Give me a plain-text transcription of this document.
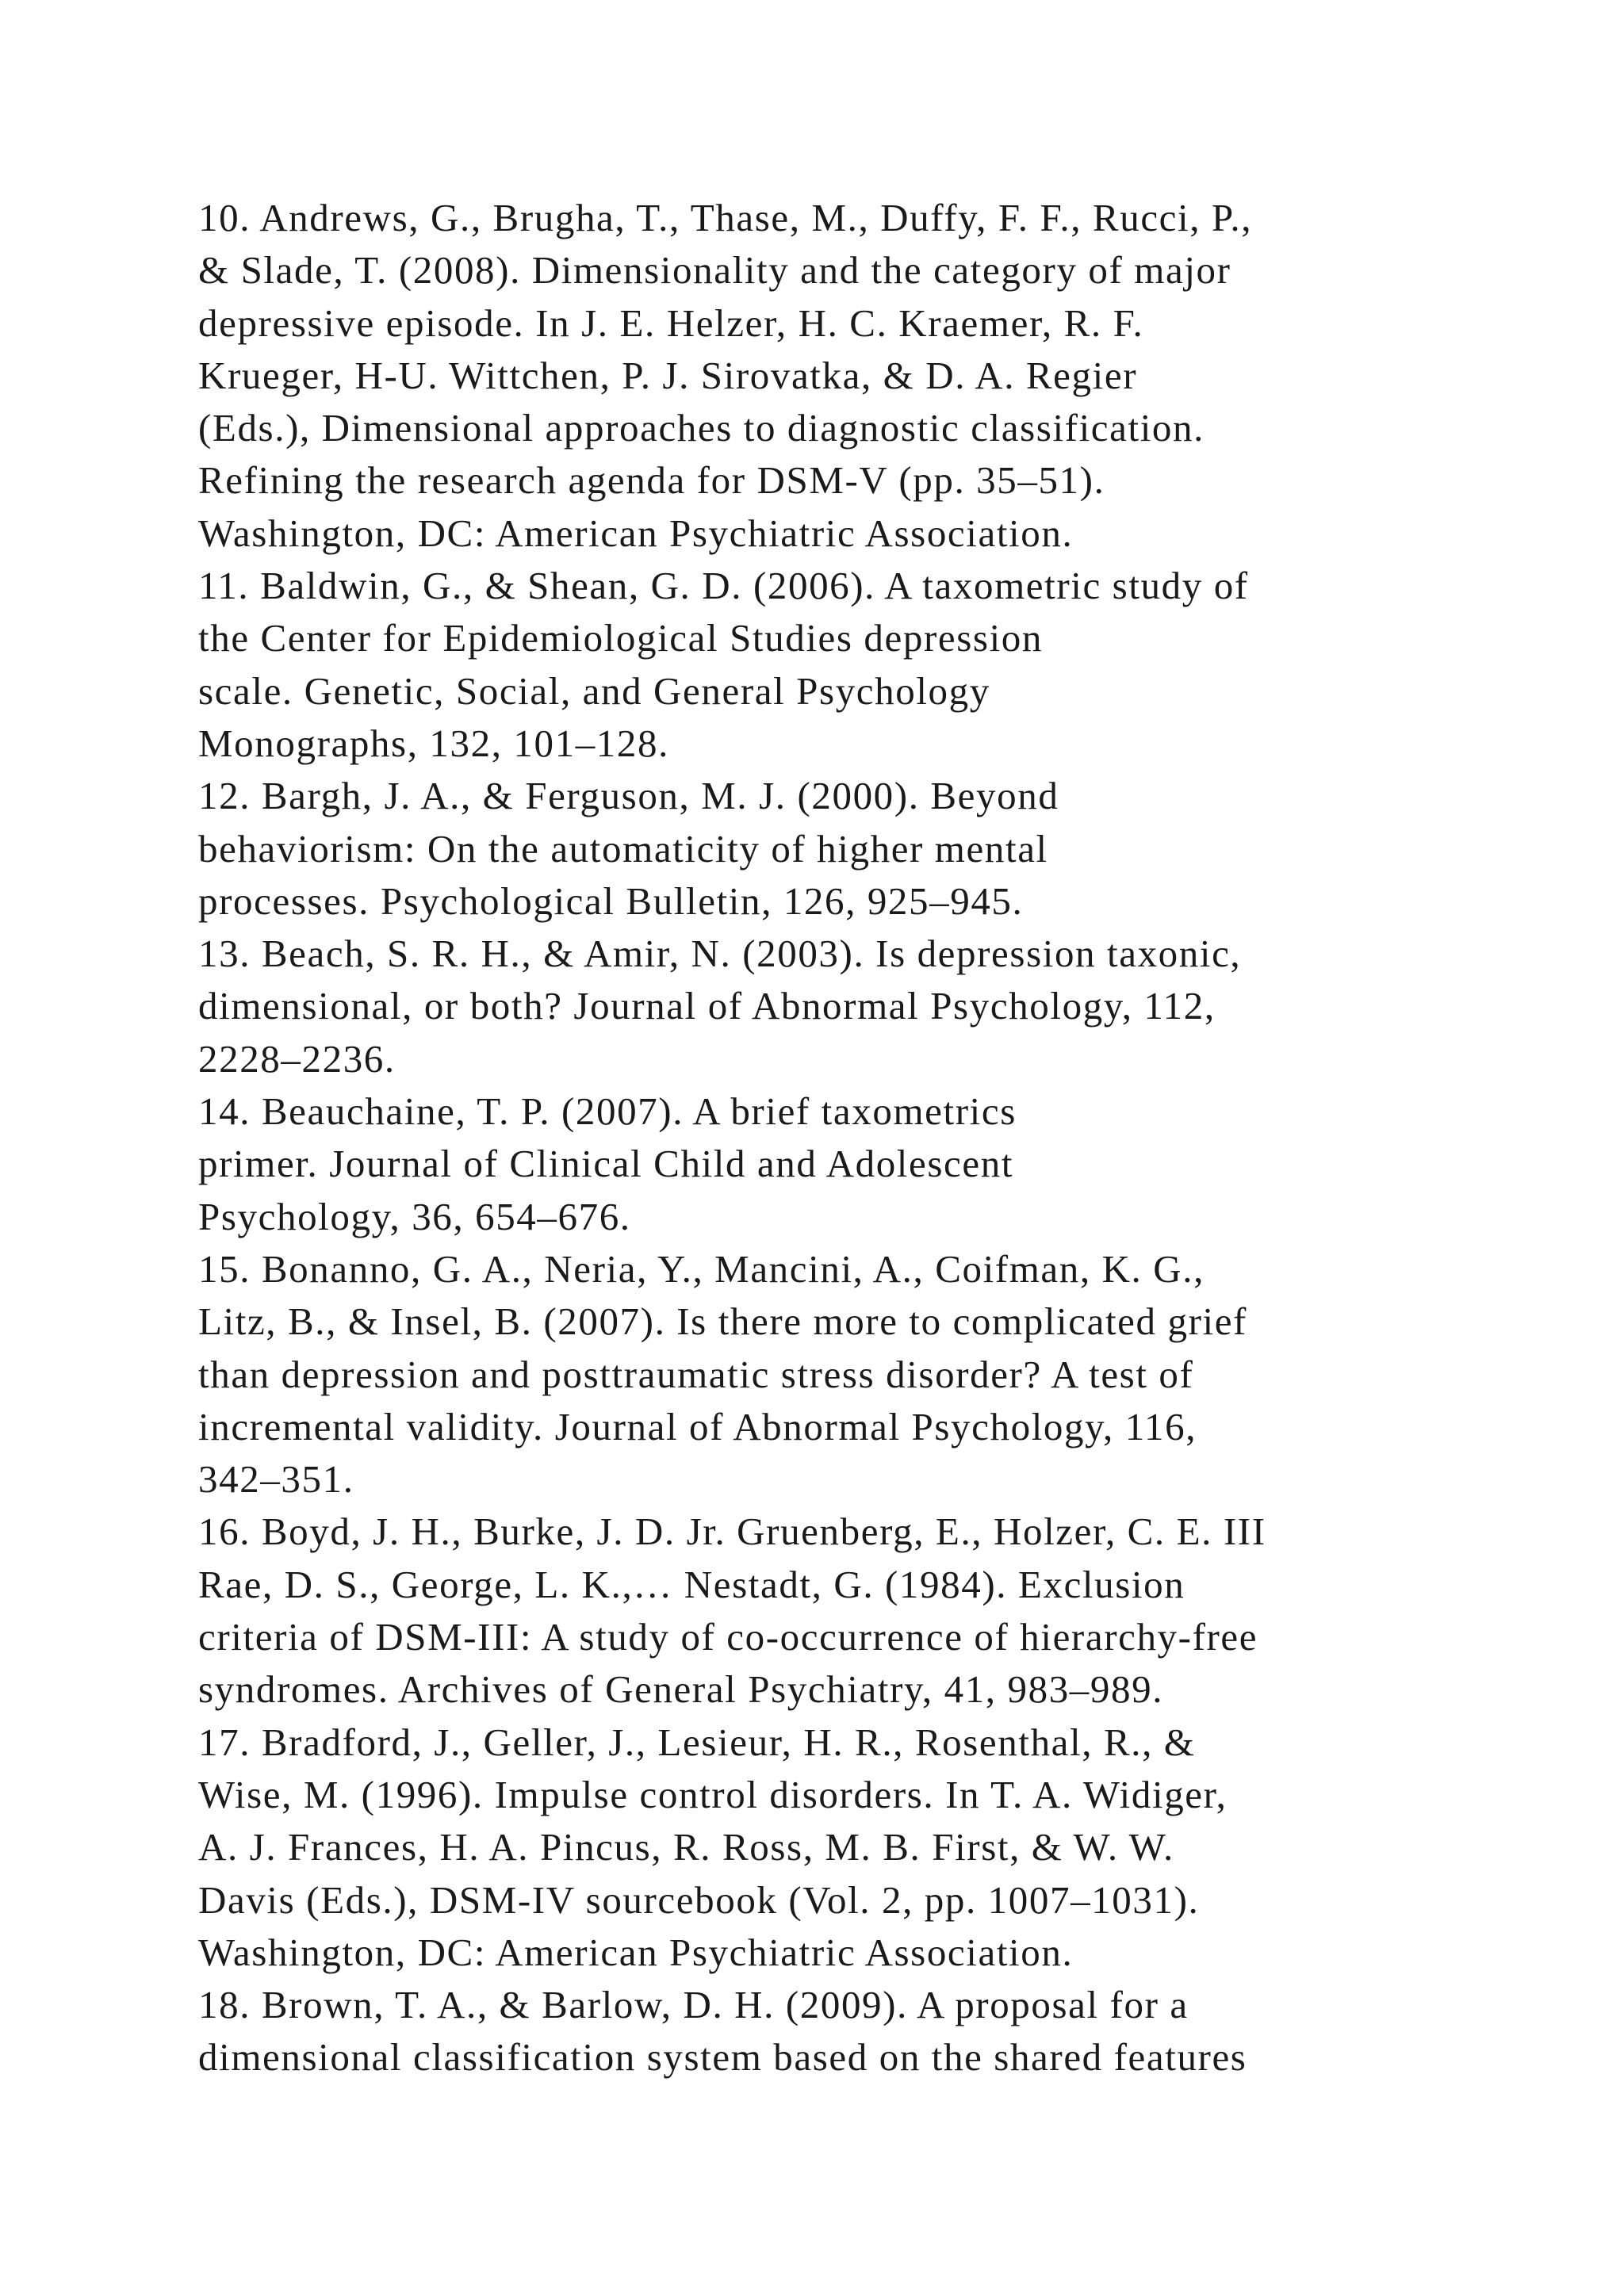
10. Andrews, G., Brugha, T., Thase, M., Duffy, F. F., Rucci, P.,
& Slade, T. (2008). Dimensionality and the category of major
depressive episode. In J. E. Helzer, H. C. Kraemer, R. F.
Krueger, H-U. Wittchen, P. J. Sirovatka, & D. A. Regier
(Eds.), Dimensional approaches to diagnostic classification.
Refining the research agenda for DSM-V (pp. 35–51).
Washington, DC: American Psychiatric Association.
11. Baldwin, G., & Shean, G. D. (2006). A taxometric study of
the Center for Epidemiological Studies depression
scale. Genetic, Social, and General Psychology
Monographs, 132, 101–128.
12. Bargh, J. A., & Ferguson, M. J. (2000). Beyond
behaviorism: On the automaticity of higher mental
processes. Psychological Bulletin, 126, 925–945.
13. Beach, S. R. H., & Amir, N. (2003). Is depression taxonic,
dimensional, or both? Journal of Abnormal Psychology, 112,
2228–2236.
14. Beauchaine, T. P. (2007). A brief taxometrics
primer. Journal of Clinical Child and Adolescent
Psychology, 36, 654–676.
15. Bonanno, G. A., Neria, Y., Mancini, A., Coifman, K. G.,
Litz, B., & Insel, B. (2007). Is there more to complicated grief
than depression and posttraumatic stress disorder? A test of
incremental validity. Journal of Abnormal Psychology, 116,
342–351.
16. Boyd, J. H., Burke, J. D. Jr. Gruenberg, E., Holzer, C. E. III
Rae, D. S., George, L. K.,… Nestadt, G. (1984). Exclusion
criteria of DSM-III: A study of co-occurrence of hierarchy-free
syndromes. Archives of General Psychiatry, 41, 983–989.
17. Bradford, J., Geller, J., Lesieur, H. R., Rosenthal, R., &
Wise, M. (1996). Impulse control disorders. In T. A. Widiger,
A. J. Frances, H. A. Pincus, R. Ross, M. B. First, & W. W.
Davis (Eds.), DSM-IV sourcebook (Vol. 2, pp. 1007–1031).
Washington, DC: American Psychiatric Association.
18. Brown, T. A., & Barlow, D. H. (2009). A proposal for a
dimensional classification system based on the shared features
